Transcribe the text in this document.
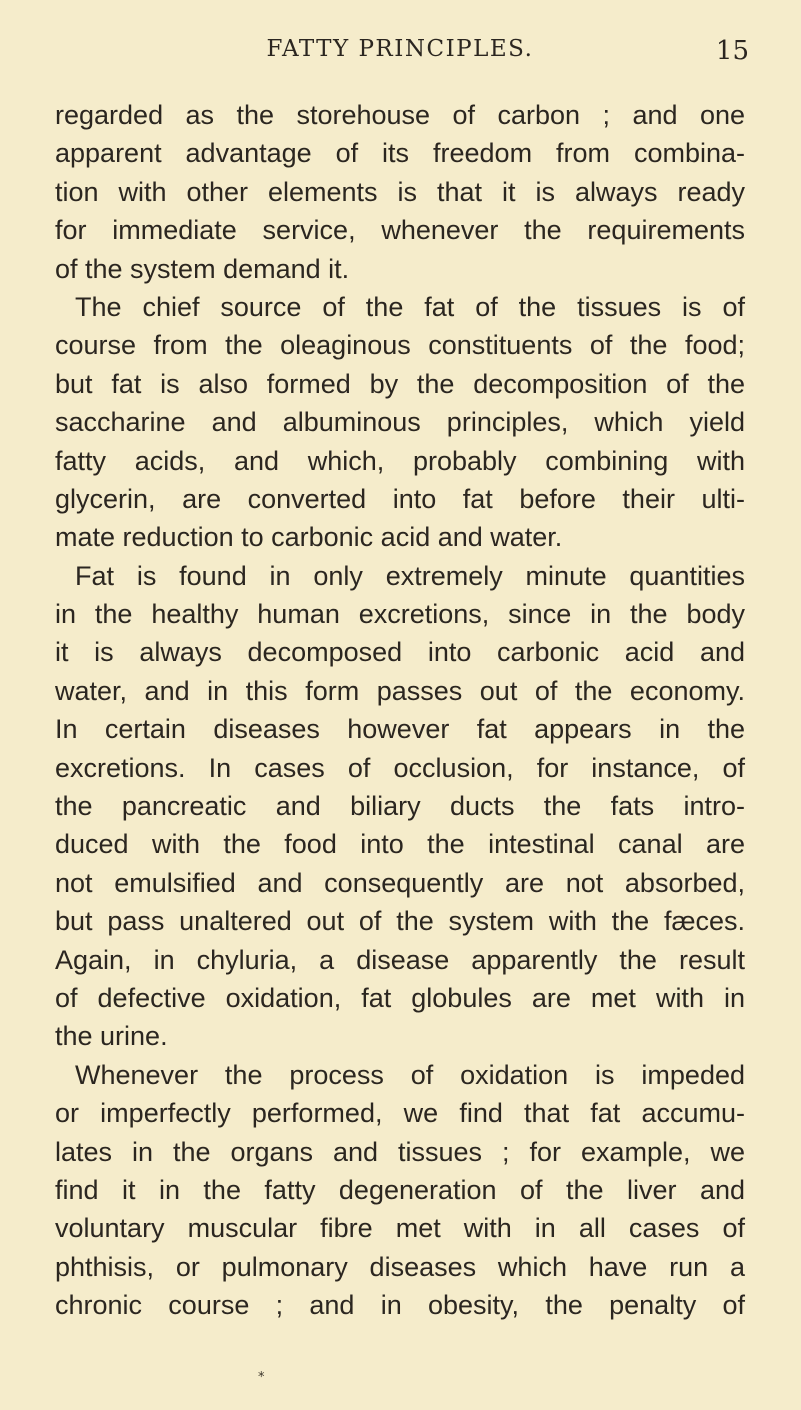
FATTY PRINCIPLES.	15
regarded as the storehouse of carbon ; and one
apparent advantage of its freedom from combina-
tion with other elements is that it is always ready
for immediate service, whenever the requirements
of the system demand it.
The chief source of the fat of the tissues is of
course from the oleaginous constituents of the food;
but fat is also formed by the decomposition of the
saccharine and albuminous principles, which yield
fatty acids, and which, probably combining with
glycerin, are converted into fat before their ulti-
mate reduction to carbonic acid and water.
Fat is found in only extremely minute quantities
in the healthy human excretions, since in the body
it is always decomposed into carbonic acid and
water, and in this form passes out of the economy.
In certain diseases however fat appears in the
excretions. In cases of occlusion, for instance, of
the pancreatic and biliary ducts the fats intro-
duced with the food into the intestinal canal are
not emulsified and consequently are not absorbed,
but pass unaltered out of the system with the fæces.
Again, in chyluria, a disease apparently the result
of defective oxidation, fat globules are met with in
the urine.
Whenever the process of oxidation is impeded
or imperfectly performed, we find that fat accumu-
lates in the organs and tissues ; for example, we
find it in the fatty degeneration of the liver and
voluntary muscular fibre met with in all cases of
phthisis, or pulmonary diseases which have run a
chronic course ; and in obesity, the penalty of
*
